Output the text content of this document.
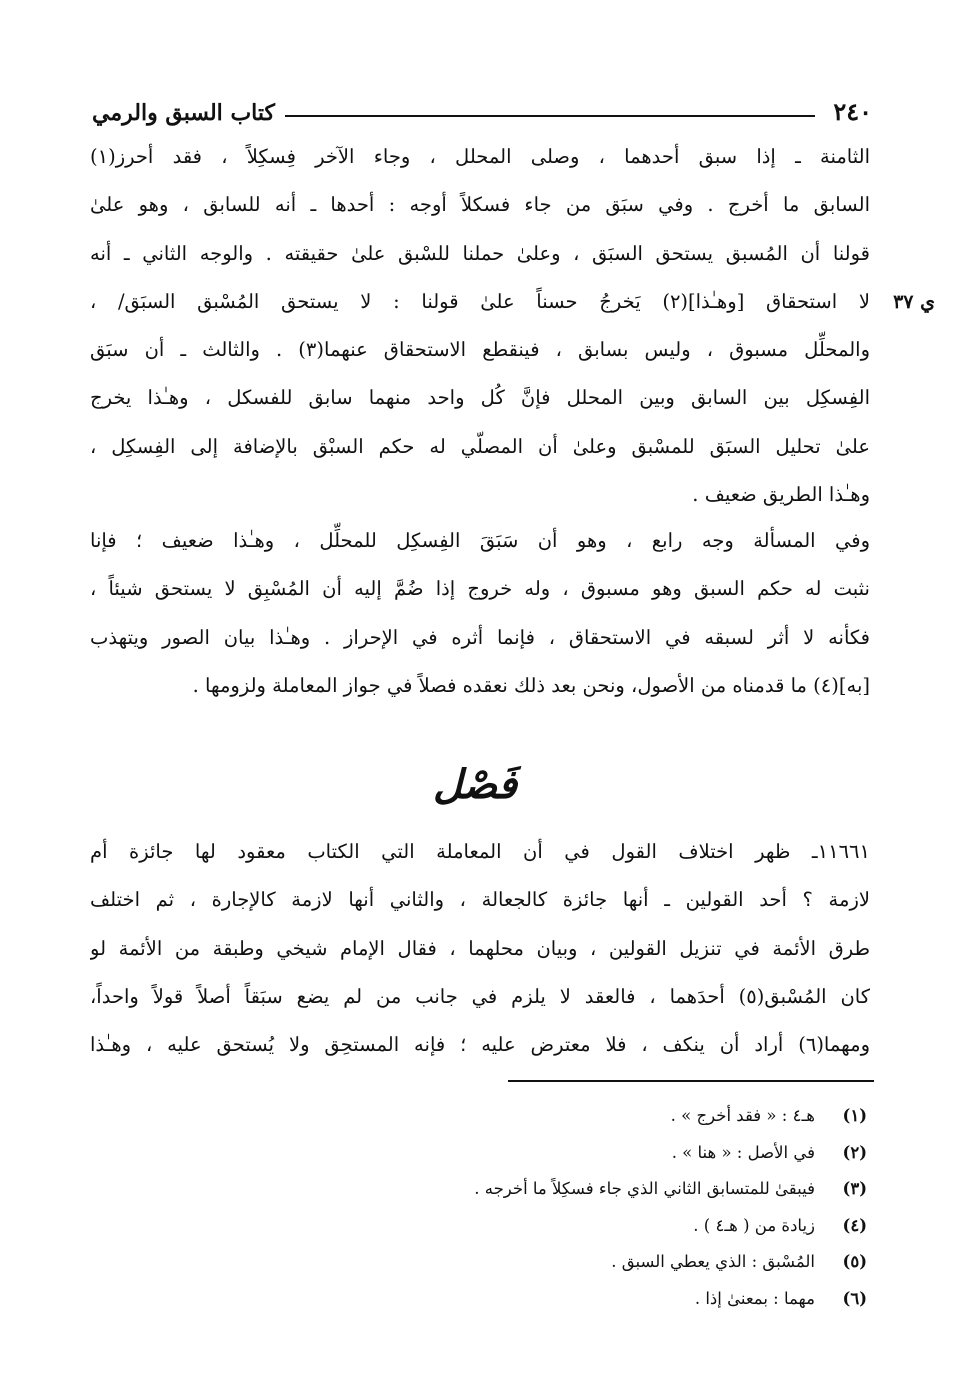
٢٤٠
كتاب السبق والرمي
ي ٣٧
الثامنة ـ إذا سبق أحدهما ، وصلى المحلل ، وجاء الآخر فِسكِلاً ، فقد أحرز(١)
السابق ما أخرج . وفي سبَق من جاء فسكلاً أوجه : أحدها ـ أنه للسابق ، وهو علىٰ
قولنا أن المُسبق يستحق السبَق ، وعلىٰ حملنا للسْبق علىٰ حقيقته . والوجه الثاني ـ أنه
لا استحقاق [وهـٰذا](٢) يَخرجُ حسناً علىٰ قولنا : لا يستحق المُسْبق السبَق/ ،
والمحلِّل مسبوق ، وليس بسابق ، فينقطع الاستحقاق عنهما(٣) . والثالث ـ أن سبَق
الفِسكِل بين السابق وبين المحلل فإنَّ كُل واحد منهما سابق للفسكل ، وهـٰذا يخرج
علىٰ تحليل السبَق للمسْبق وعلىٰ أن المصلّي له حكم السبْق بالإضافة إلى الفِسكِل ،
وهـٰذا الطريق ضعيف .
وفي المسألة وجه رابع ، وهو أن سَبَقَ الفِسكِل للمحلِّل ، وهـٰذا ضعيف ؛ فإنا
نثبت له حكم السبق وهو مسبوق ، وله خروج إذا ضُمَّ إليه أن المُسْبِق لا يستحق شيئاً ،
فكأنه لا أثر لسبقه في الاستحقاق ، فإنما أثره في الإحراز . وهـٰذا بيان الصور ويتهذب
[به](٤) ما قدمناه من الأصول، ونحن بعد ذلك نعقده فصلاً في جواز المعاملة ولزومها .
فَصْل
١١٦٦١ـ ظهر اختلاف القول في أن المعاملة التي الكتاب معقود لها جائزة أم
لازمة ؟ أحد القولين ـ أنها جائزة كالجعالة ، والثاني أنها لازمة كالإجارة ، ثم اختلف
طرق الأئمة في تنزيل القولين ، وبيان محلهما ، فقال الإمام شيخي وطبقة من الأئمة لو
كان المُسْبق(٥) أحدَهما ، فالعقد لا يلزم في جانب من لم يضع سبَقاً أصلاً قولاً واحداً،
ومهما(٦) أراد أن ينكف ، فلا معترض عليه ؛ فإنه المستحِق ولا يُستحق عليه ، وهـٰذا
(١)هـ٤ : « فقد أخرج » .
(٢)في الأصل : « هنا » .
(٣)فيبقىٰ للمتسابق الثاني الذي جاء فسكِلاً ما أخرجه .
(٤)زيادة من ( هـ٤ ) .
(٥)المُسْبق : الذي يعطي السبق .
(٦)مهما : بمعنىٰ إذا .
